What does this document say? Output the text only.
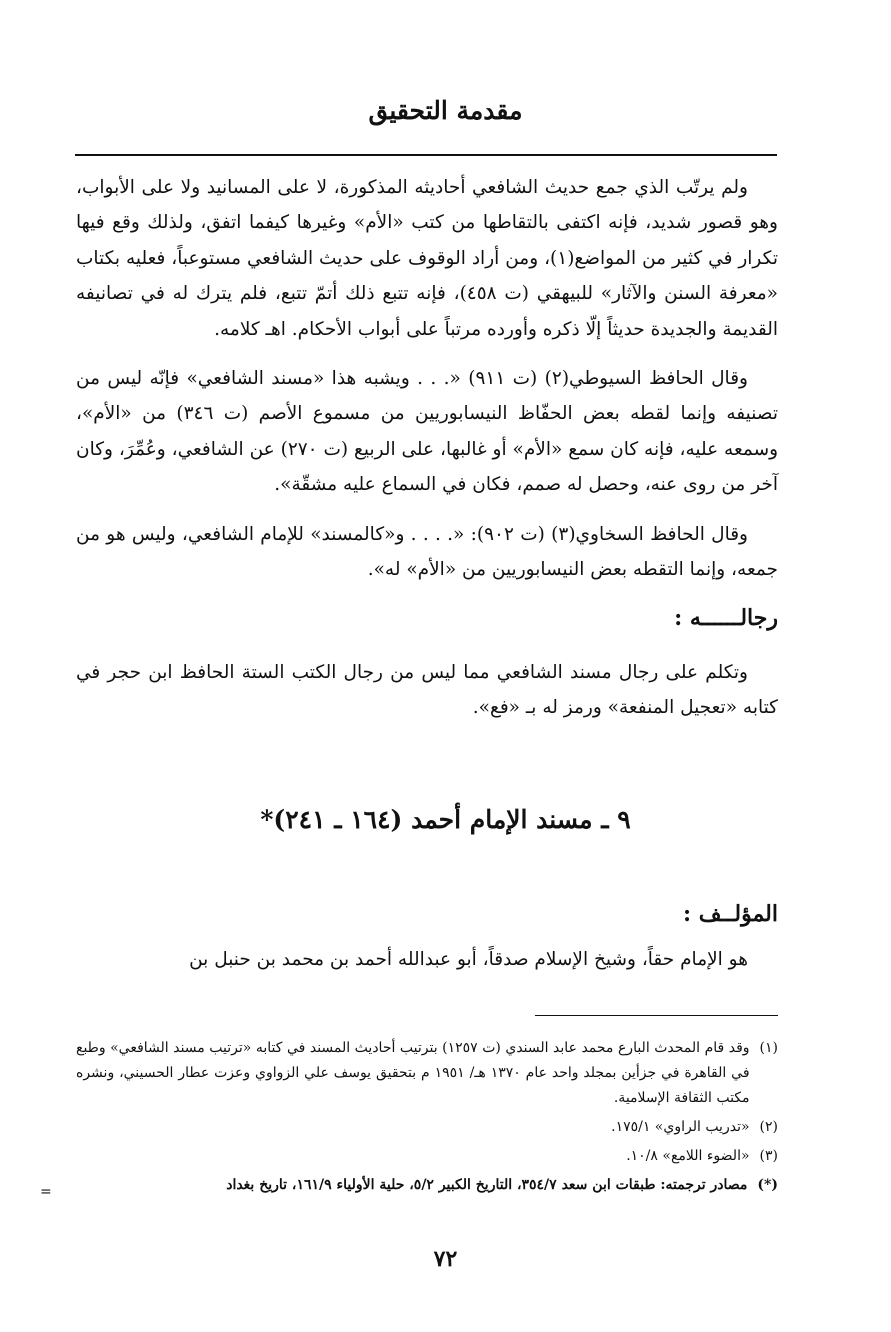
مقدمة التحقيق

ولم يرتّب الذي جمع حديث الشافعي أحاديثه المذكورة، لا على المسانيد ولا على الأبواب، وهو قصور شديد، فإنه اكتفى بالتقاطها من كتب «الأم» وغيرها كيفما اتفق، ولذلك وقع فيها تكرار في كثير من المواضع(١)، ومن أراد الوقوف على حديث الشافعي مستوعباً، فعليه بكتاب «معرفة السنن والآثار» للبيهقي (ت ٤٥٨)، فإنه تتبع ذلك أتمّ تتبع، فلم يترك له في تصانيفه القديمة والجديدة حديثاً إلّا ذكره وأورده مرتباً على أبواب الأحكام. اهـ كلامه.

وقال الحافظ السيوطي(٢) (ت ٩١١) «. . . ويشبه هذا «مسند الشافعي» فإنّه ليس من تصنيفه وإنما لقطه بعض الحفّاظ النيسابوريين من مسموع الأصم (ت ٣٤٦) من «الأم»، وسمعه عليه، فإنه كان سمع «الأم» أو غالبها، على الربيع (ت ٢٧٠) عن الشافعي، وعُمِّرَ، وكان آخر من روى عنه، وحصل له صمم، فكان في السماع عليه مشقّة».

وقال الحافظ السخاوي(٣) (ت ٩٠٢): «. . . . و«كالمسند» للإمام الشافعي، وليس هو من جمعه، وإنما التقطه بعض النيسابوريين من «الأم» له».

رجالــــــه :

وتكلم على رجال مسند الشافعي مما ليس من رجال الكتب الستة الحافظ ابن حجر في كتابه «تعجيل المنفعة» ورمز له بـ «فع».

٩ ـ مسند الإمام أحمد (١٦٤ ـ ٢٤١)*
المؤلــف :

هو الإمام حقاً، وشيخ الإسلام صدقاً، أبو عبدالله أحمد بن محمد بن حنبل بن

(١)
وقد قام المحدث البارع محمد عابد السندي (ت ١٢٥٧) بترتيب أحاديث المسند في كتابه «ترتيب مسند الشافعي» وطبع في القاهرة في جزأين بمجلد واحد عام ١٣٧٠ هـ/ ١٩٥١ م بتحقيق يوسف علي الزواوي وعزت عطار الحسيني، ونشره مكتب الثقافة الإسلامية.
(٢)
«تدريب الراوي» ١٧٥/١.
(٣)
«الضوء اللامع» ١٠/٨.
(*)
مصادر ترجمته: طبقات ابن سعد ٣٥٤/٧، التاريخ الكبير ٥/٢، حلية الأولياء ١٦١/٩، تاريخ بغداد
=
٧٢
